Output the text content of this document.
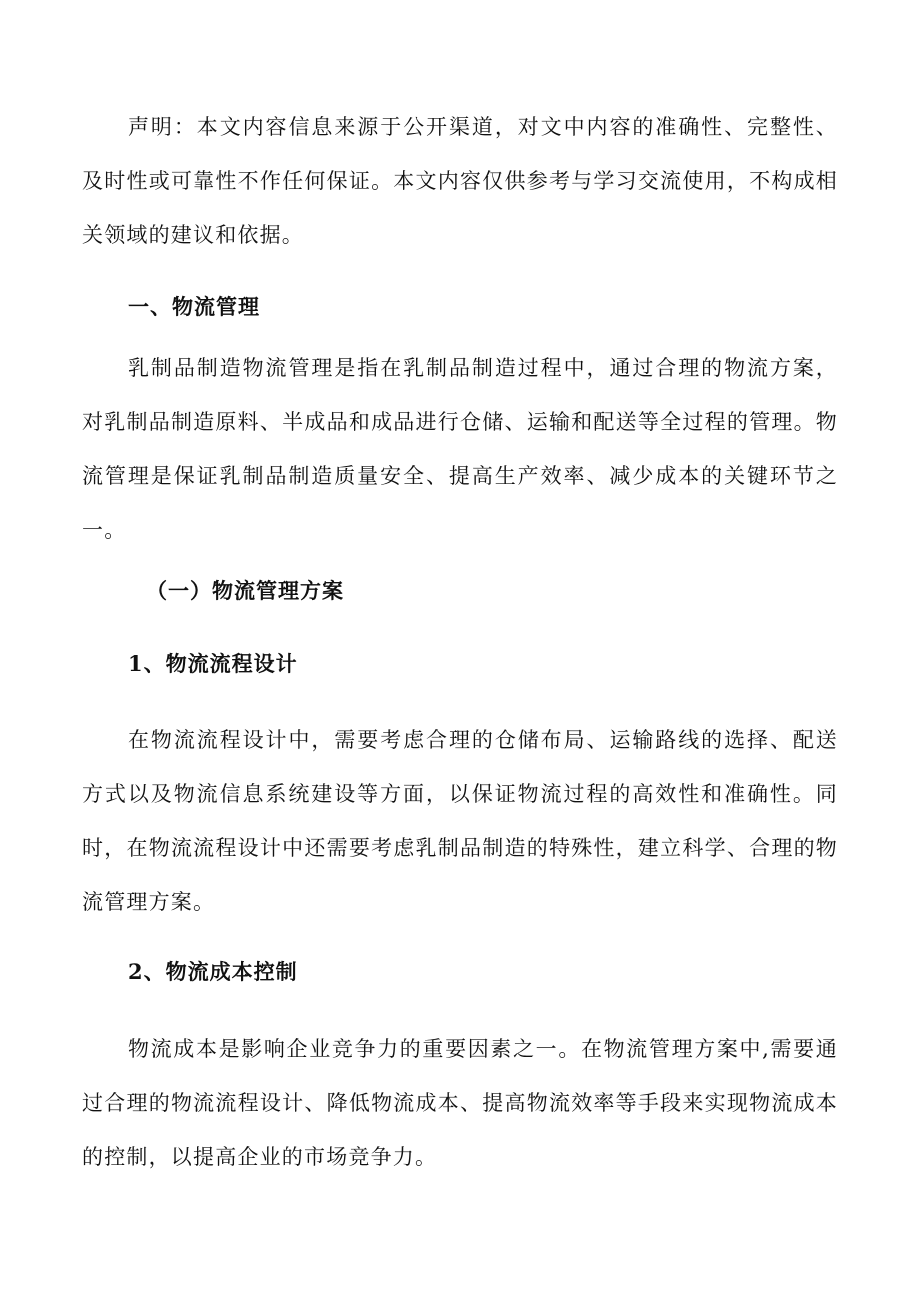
声明：本文内容信息来源于公开渠道，对文中内容的准确性、完整性、及时性或可靠性不作任何保证。本文内容仅供参考与学习交流使用，不构成相关领域的建议和依据。

一、物流管理

乳制品制造物流管理是指在乳制品制造过程中，通过合理的物流方案，对乳制品制造原料、半成品和成品进行仓储、运输和配送等全过程的管理。物流管理是保证乳制品制造质量安全、提高生产效率、减少成本的关键环节之一。

（一）物流管理方案
1、物流流程设计

在物流流程设计中，需要考虑合理的仓储布局、运输路线的选择、配送方式以及物流信息系统建设等方面，以保证物流过程的高效性和准确性。同时，在物流流程设计中还需要考虑乳制品制造的特殊性，建立科学、合理的物流管理方案。

2、物流成本控制

物流成本是影响企业竞争力的重要因素之一。在物流管理方案中,需要通过合理的物流流程设计、降低物流成本、提高物流效率等手段来实现物流成本的控制，以提高企业的市场竞争力。
